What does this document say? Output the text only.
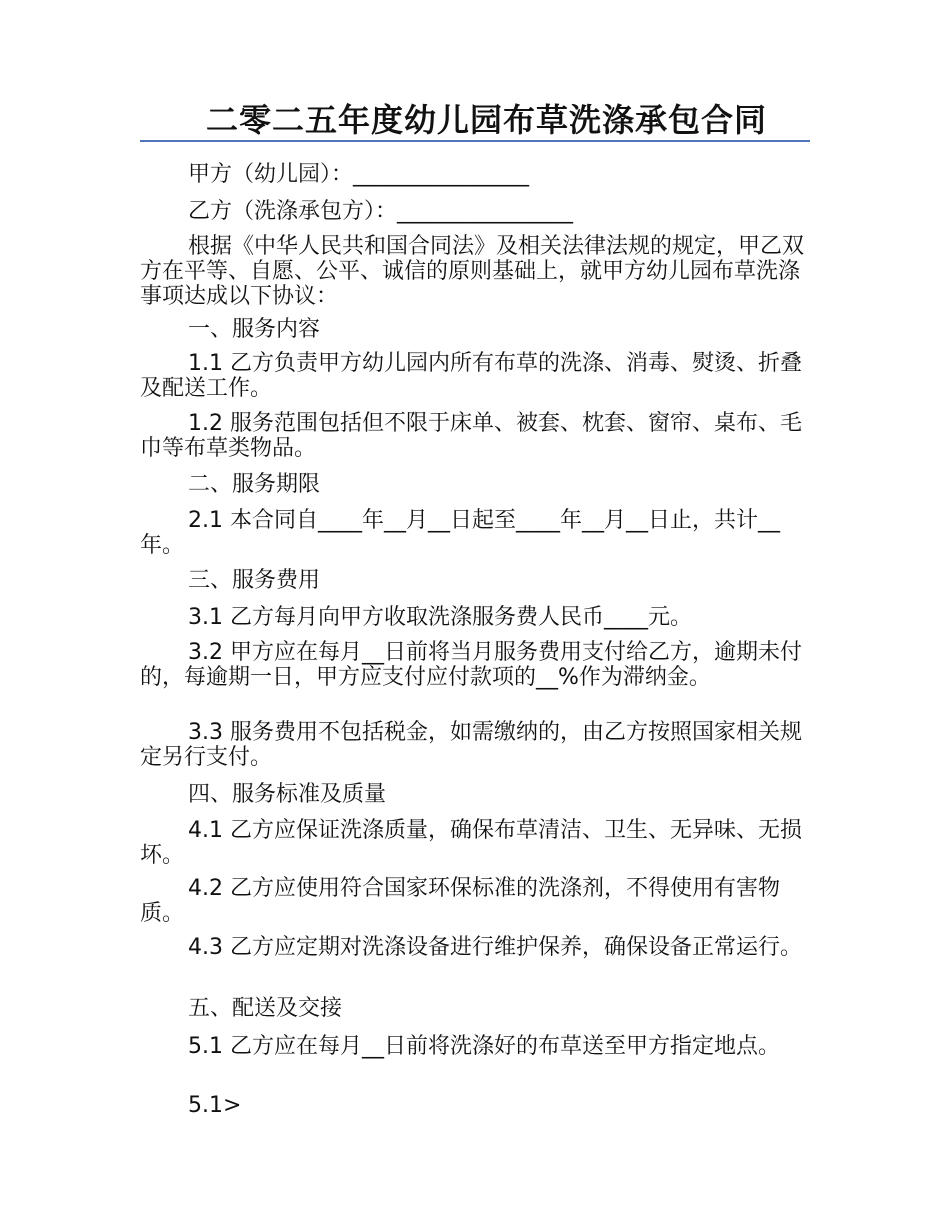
二零二五年度幼儿园布草洗涤承包合同

甲方（幼儿园）：________________

乙方（洗涤承包方）：________________

根据《中华人民共和国合同法》及相关法律法规的规定，甲乙双方在平等、自愿、公平、诚信的原则基础上，就甲方幼儿园布草洗涤事项达成以下协议：

一、服务内容

1.1 乙方负责甲方幼儿园内所有布草的洗涤、消毒、熨烫、折叠及配送工作。

1.2 服务范围包括但不限于床单、被套、枕套、窗帘、桌布、毛巾等布草类物品。

二、服务期限

2.1 本合同自____年__月__日起至____年__月__日止，共计__年。

三、服务费用

3.1 乙方每月向甲方收取洗涤服务费人民币____元。

3.2 甲方应在每月__日前将当月服务费用支付给乙方，逾期未付的，每逾期一日，甲方应支付应付款项的__%作为滞纳金。

3.3 服务费用不包括税金，如需缴纳的，由乙方按照国家相关规定另行支付。

四、服务标准及质量

4.1 乙方应保证洗涤质量，确保布草清洁、卫生、无异味、无损坏。

4.2 乙方应使用符合国家环保标准的洗涤剂，不得使用有害物质。

4.3 乙方应定期对洗涤设备进行维护保养，确保设备正常运行。

五、配送及交接

5.1 乙方应在每月__日前将洗涤好的布草送至甲方指定地点。

5.1>
